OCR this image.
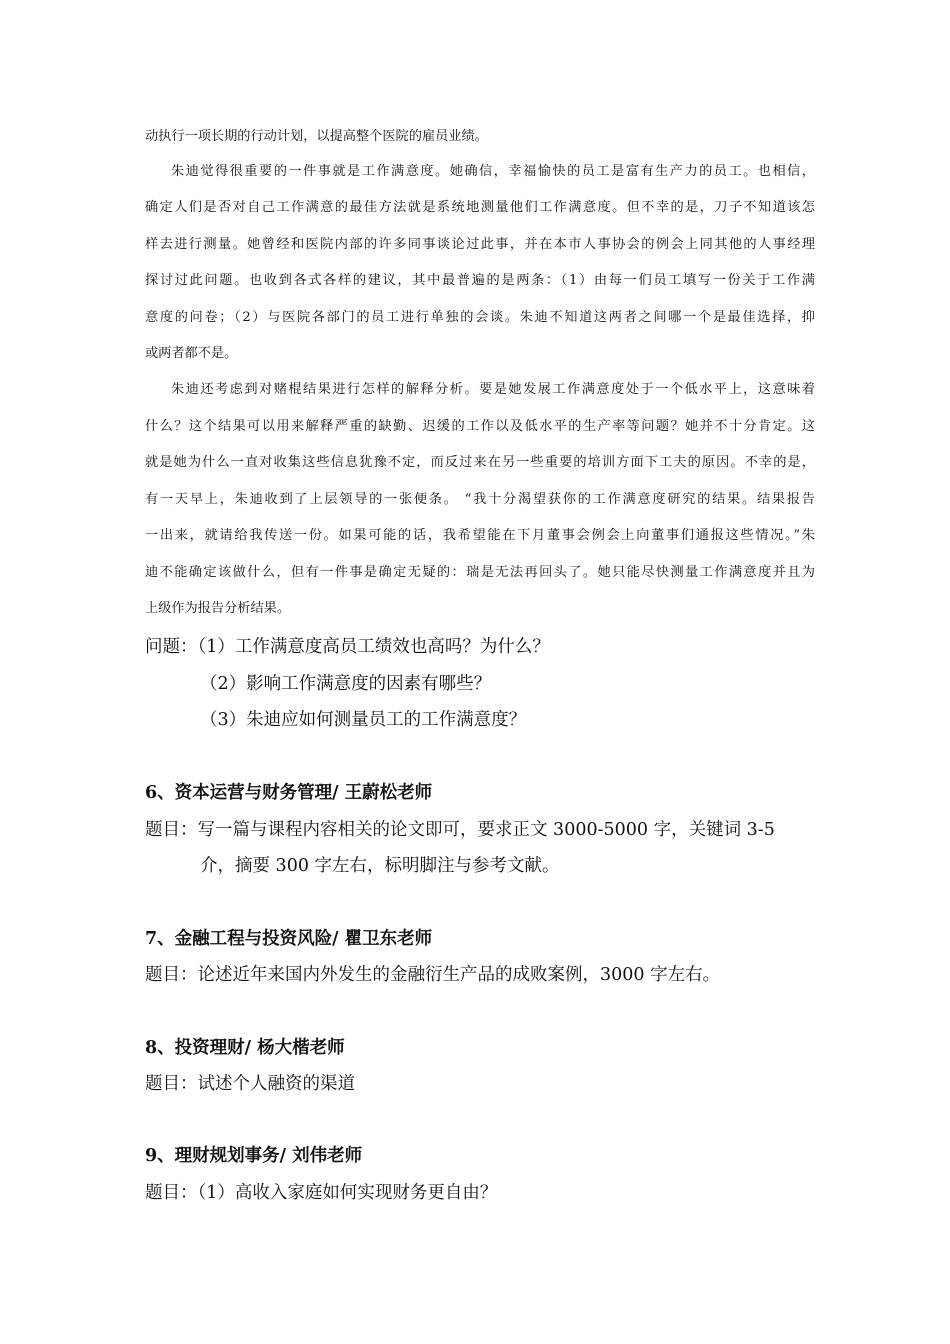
动执行一项长期的行动计划，以提高整个医院的雇员业绩。
朱迪觉得很重要的一件事就是工作满意度。她确信，幸福愉快的员工是富有生产力的员工。也相信，
确定人们是否对自己工作满意的最佳方法就是系统地测量他们工作满意度。但不幸的是，刀子不知道该怎
样去进行测量。她曾经和医院内部的许多同事谈论过此事，并在本市人事协会的例会上同其他的人事经理
探讨过此问题。也收到各式各样的建议，其中最普遍的是两条：（1）由每一们员工填写一份关于工作满
意度的问卷；（2）与医院各部门的员工进行单独的会谈。朱迪不知道这两者之间哪一个是最佳选择，抑
或两者都不是。
朱迪还考虑到对赌棍结果进行怎样的解释分析。要是她发展工作满意度处于一个低水平上，这意味着
什么？这个结果可以用来解释严重的缺勤、迟缓的工作以及低水平的生产率等问题？她并不十分肯定。这
就是她为什么一直对收集这些信息犹豫不定，而反过来在另一些重要的培训方面下工夫的原因。不幸的是，
有一天早上，朱迪收到了上层领导的一张便条。 “我十分渴望获你的工作满意度研究的结果。结果报告
一出来，就请给我传送一份。如果可能的话，我希望能在下月董事会例会上向董事们通报这些情况。”朱
迪不能确定该做什么，但有一件事是确定无疑的：瑞是无法再回头了。她只能尽快测量工作满意度并且为
上级作为报告分析结果。
问题：（1）工作满意度高员工绩效也高吗？为什么？
（2）影响工作满意度的因素有哪些？
（3）朱迪应如何测量员工的工作满意度？
6、资本运营与财务管理/ 王蔚松老师
题目：写一篇与课程内容相关的论文即可，要求正文 3000-5000 字，关键词 3-5
介，摘要 300 字左右，标明脚注与参考文献。
7、金融工程与投资风险/ 瞿卫东老师
题目：论述近年来国内外发生的金融衍生产品的成败案例，3000 字左右。
8、投资理财/ 杨大楷老师
题目：试述个人融资的渠道
9、理财规划事务/ 刘伟老师
题目：（1）高收入家庭如何实现财务更自由？
